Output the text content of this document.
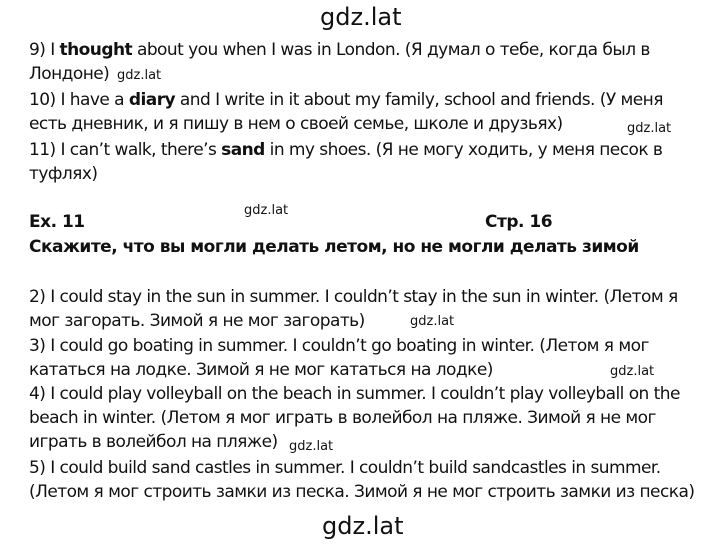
gdz.lat
9) I thought about you when I was in London. (Я думал о тебе, когда был в
Лондоне) gdz.lat
10) I have a diary and I write in it about my family, school and friends. (У меня
есть дневник, и я пишу в нем о своей семье, школе и друзьях)	gdz.lat
11) I can’t walk, there’s sand in my shoes. (Я не могу ходить, у меня песок в
туфлях)
gdz.lat
Ex. 11	Стр. 16
Скажите, что вы могли делать летом, но не могли делать зимой
2) I could stay in the sun in summer. I couldn’t stay in the sun in winter. (Летом я
мог загорать. Зимой я не мог загорать)	gdz.lat
3) I could go boating in summer. I couldn’t go boating in winter. (Летом я мог
кататься на лодке. Зимой я не мог кататься на лодке)	gdz.lat
4) I could play volleyball on the beach in summer. I couldn’t play volleyball on the
beach in winter. (Летом я мог играть в волейбол на пляже. Зимой я не мог
играть в волейбол на пляже) gdz.lat
5) I could build sand castles in summer. I couldn’t build sandcastles in summer.
(Летом я мог строить замки из песка. Зимой я не мог строить замки из песка)
gdz.lat
